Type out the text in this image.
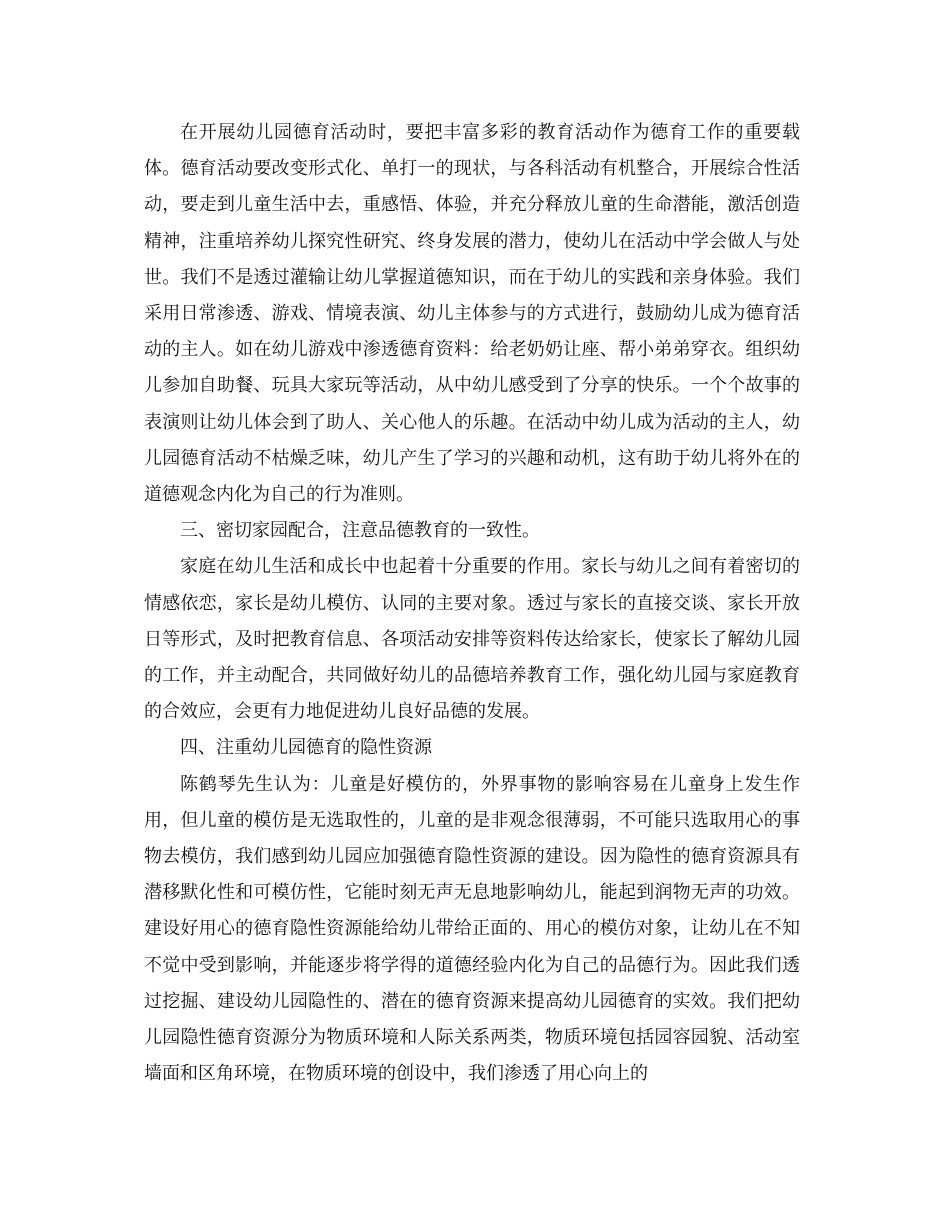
在开展幼儿园德育活动时，要把丰富多彩的教育活动作为德育工作的重要载体。德育活动要改变形式化、单打一的现状，与各科活动有机整合，开展综合性活动，要走到儿童生活中去，重感悟、体验，并充分释放儿童的生命潜能，激活创造精神，注重培养幼儿探究性研究、终身发展的潜力，使幼儿在活动中学会做人与处世。我们不是透过灌输让幼儿掌握道德知识，而在于幼儿的实践和亲身体验。我们采用日常渗透、游戏、情境表演、幼儿主体参与的方式进行，鼓励幼儿成为德育活动的主人。如在幼儿游戏中渗透德育资料：给老奶奶让座、帮小弟弟穿衣。组织幼儿参加自助餐、玩具大家玩等活动，从中幼儿感受到了分享的快乐。一个个故事的表演则让幼儿体会到了助人、关心他人的乐趣。在活动中幼儿成为活动的主人，幼儿园德育活动不枯燥乏味，幼儿产生了学习的兴趣和动机，这有助于幼儿将外在的道德观念内化为自己的行为准则。

三、密切家园配合，注意品德教育的一致性。

家庭在幼儿生活和成长中也起着十分重要的作用。家长与幼儿之间有着密切的情感依恋，家长是幼儿模仿、认同的主要对象。透过与家长的直接交谈、家长开放日等形式，及时把教育信息、各项活动安排等资料传达给家长，使家长了解幼儿园的工作，并主动配合，共同做好幼儿的品德培养教育工作，强化幼儿园与家庭教育的合效应，会更有力地促进幼儿良好品德的发展。

四、注重幼儿园德育的隐性资源

陈鹤琴先生认为：儿童是好模仿的，外界事物的影响容易在儿童身上发生作用，但儿童的模仿是无选取性的，儿童的是非观念很薄弱，不可能只选取用心的事物去模仿，我们感到幼儿园应加强德育隐性资源的建设。因为隐性的德育资源具有潜移默化性和可模仿性，它能时刻无声无息地影响幼儿，能起到润物无声的功效。建设好用心的德育隐性资源能给幼儿带给正面的、用心的模仿对象，让幼儿在不知不觉中受到影响，并能逐步将学得的道德经验内化为自己的品德行为。因此我们透过挖掘、建设幼儿园隐性的、潜在的德育资源来提高幼儿园德育的实效。我们把幼儿园隐性德育资源分为物质环境和人际关系两类，物质环境包括园容园貌、活动室墙面和区角环境，在物质环境的创设中，我们渗透了用心向上的
